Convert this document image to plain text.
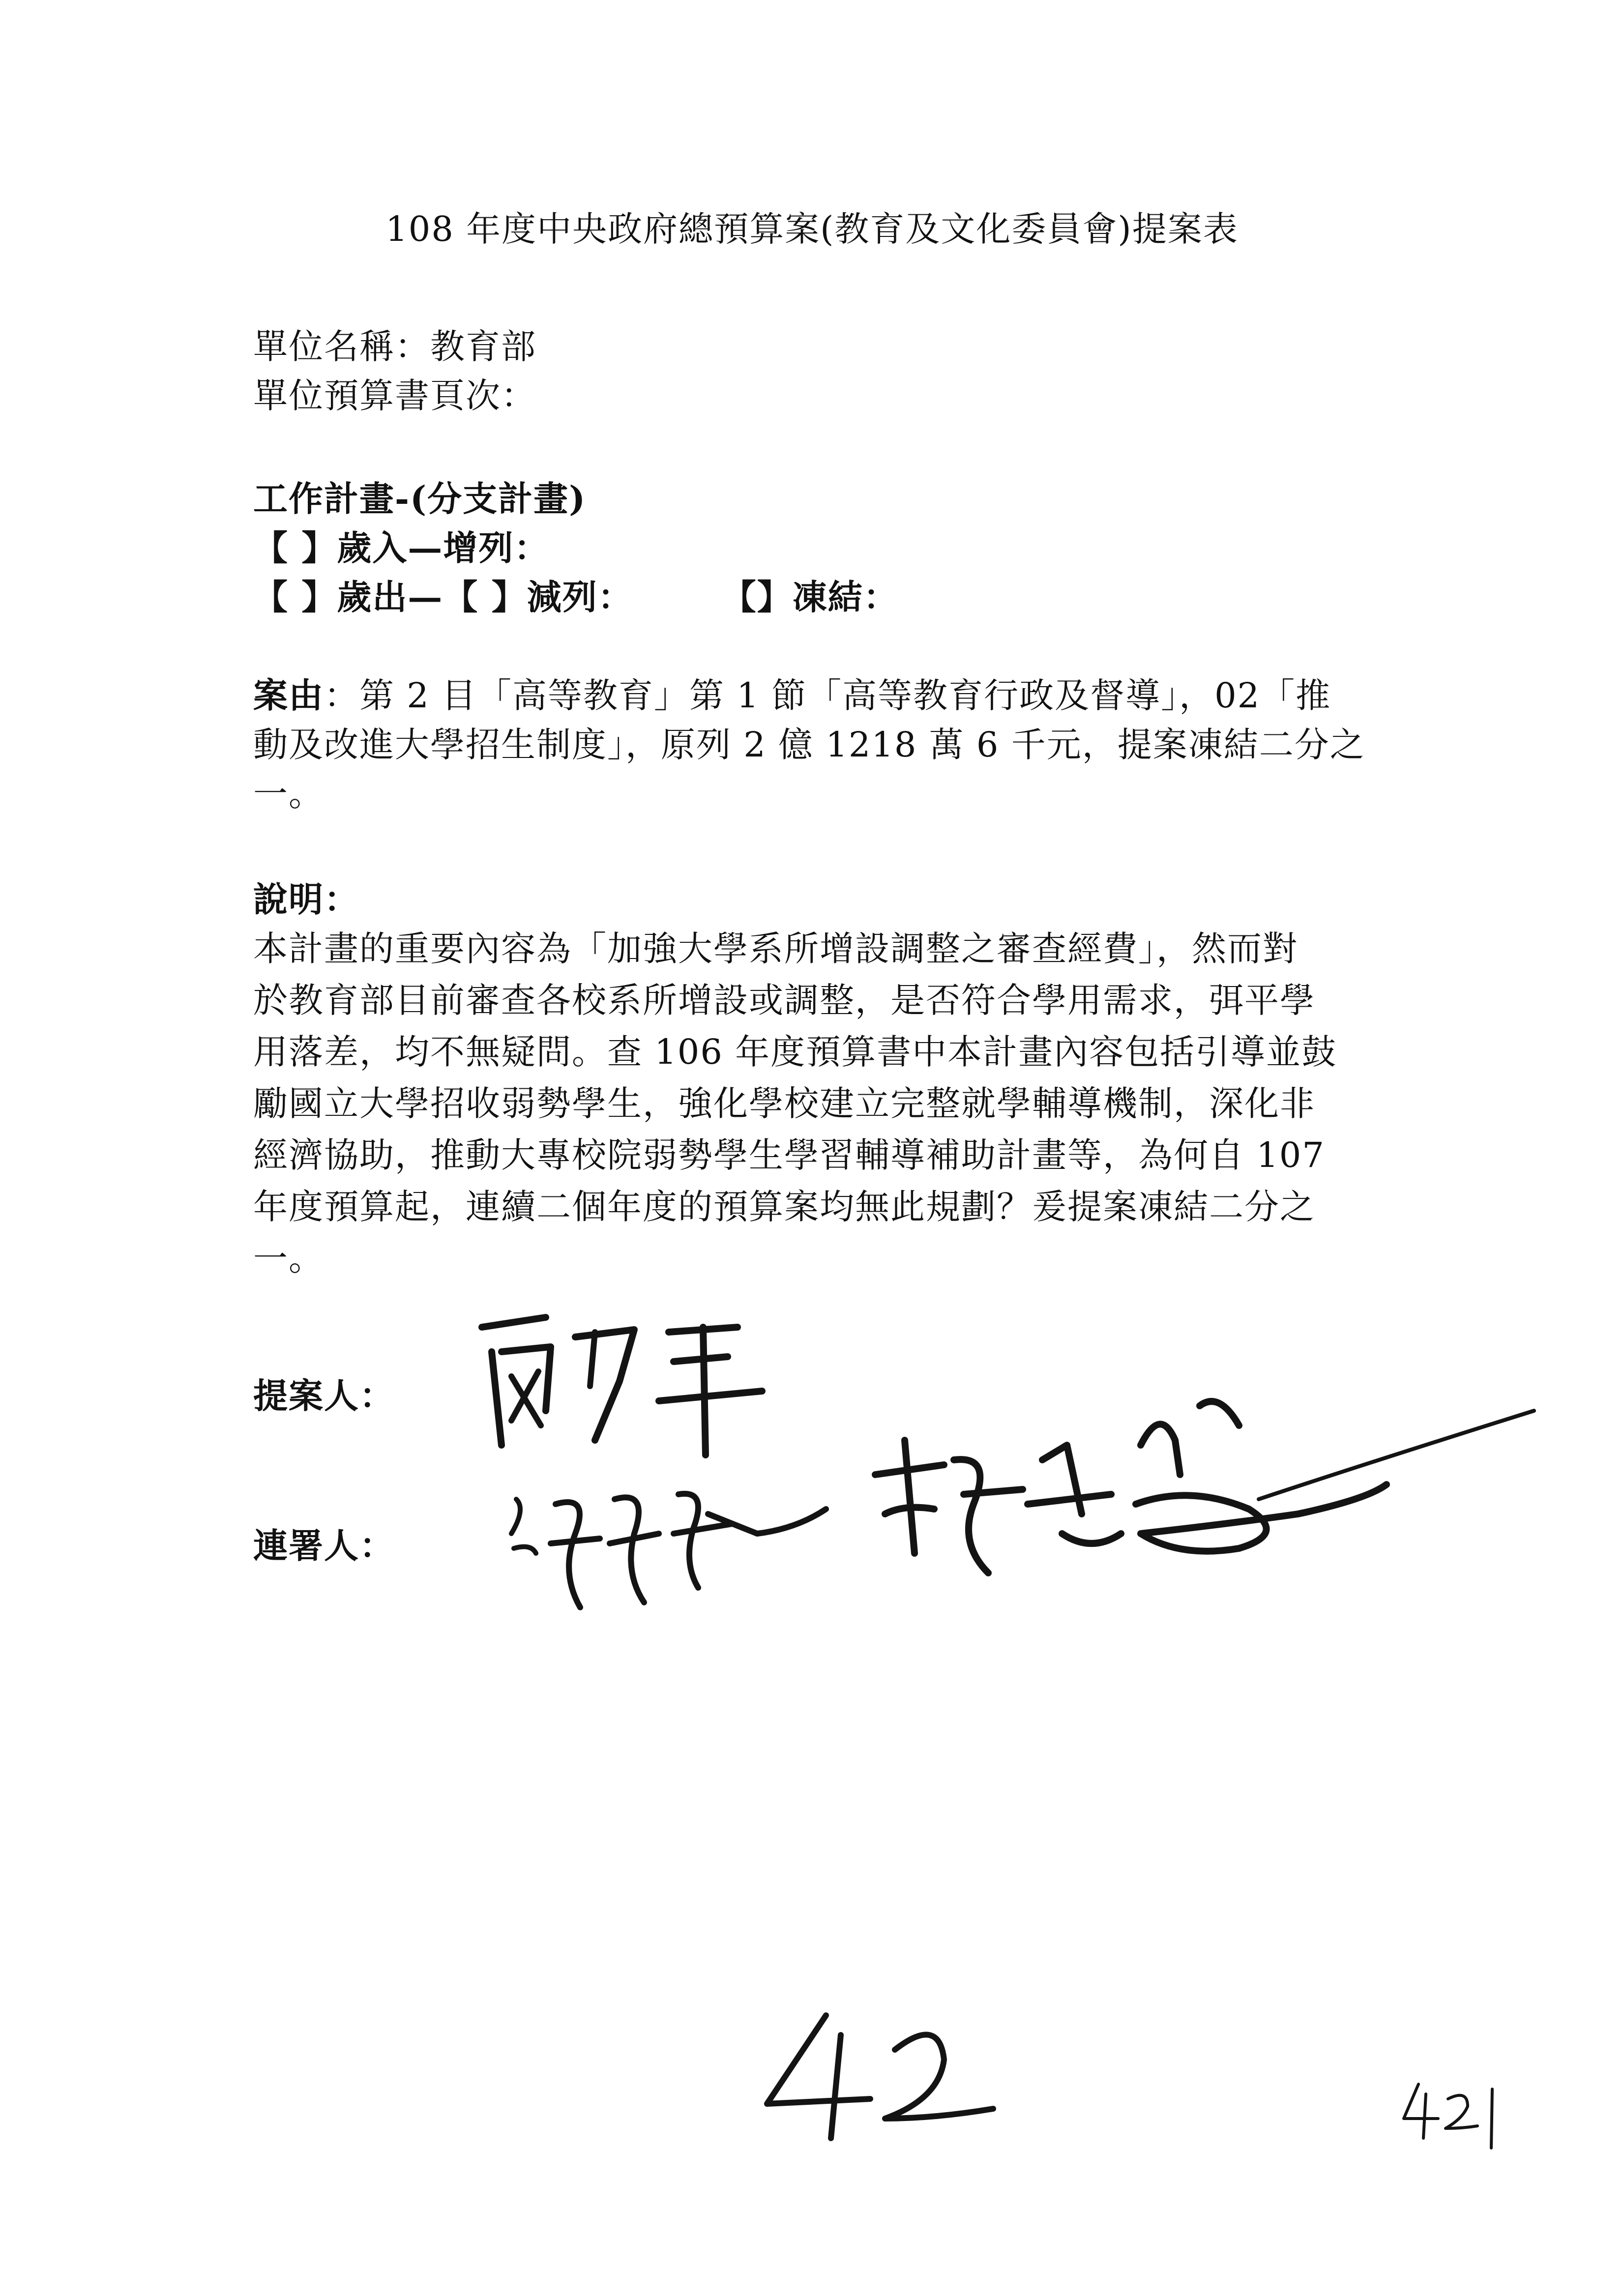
108 年度中央政府總預算案(教育及文化委員會)提案表
單位名稱：教育部
單位預算書頁次：
工作計畫-(分支計畫)
【 】歲入—增列：
【 】歲出—【 】減列：	【】凍結：
案由：第 2 目「高等教育」第 1 節「高等教育行政及督導」，02「推
動及改進大學招生制度」，原列 2 億 1218 萬 6 千元，提案凍結二分之
一。
說明：
本計畫的重要內容為「加強大學系所增設調整之審查經費」，然而對
於教育部目前審查各校系所增設或調整，是否符合學用需求，弭平學
用落差，均不無疑問。查 106 年度預算書中本計畫內容包括引導並鼓
勵國立大學招收弱勢學生，強化學校建立完整就學輔導機制，深化非
經濟協助，推動大專校院弱勢學生學習輔導補助計畫等，為何自 107
年度預算起，連續二個年度的預算案均無此規劃？爰提案凍結二分之
一。
提案人：
連署人：
